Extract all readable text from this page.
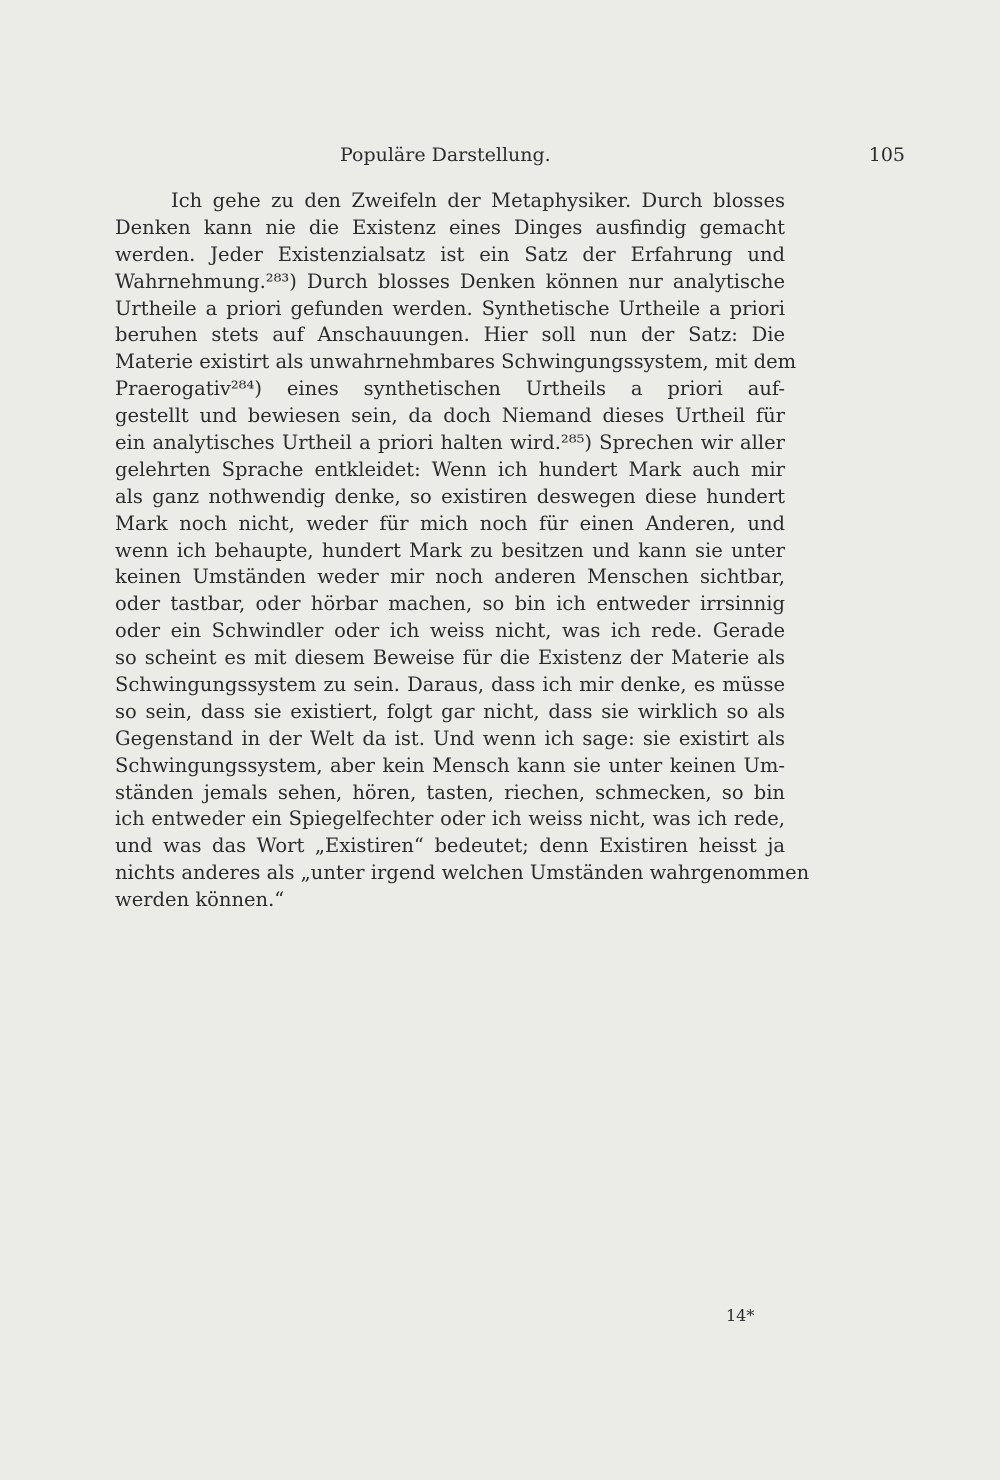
Populäre Darstellung.	105
Ich gehe zu den Zweifeln der Metaphysiker. Durch blosses
Denken kann nie die Existenz eines Dinges ausfindig gemacht
werden. Jeder Existenzialsatz ist ein Satz der Erfahrung und
Wahrnehmung.²⁸³) Durch blosses Denken können nur analytische
Urtheile a priori gefunden werden. Synthetische Urtheile a priori
beruhen stets auf Anschauungen. Hier soll nun der Satz: Die
Materie existirt als unwahrnehmbares Schwingungssystem, mit dem
Praerogativ²⁸⁴) eines synthetischen Urtheils a priori auf-
gestellt und bewiesen sein, da doch Niemand dieses Urtheil für
ein analytisches Urtheil a priori halten wird.²⁸⁵) Sprechen wir aller
gelehrten Sprache entkleidet: Wenn ich hundert Mark auch mir
als ganz nothwendig denke, so existiren deswegen diese hundert
Mark noch nicht, weder für mich noch für einen Anderen, und
wenn ich behaupte, hundert Mark zu besitzen und kann sie unter
keinen Umständen weder mir noch anderen Menschen sichtbar,
oder tastbar, oder hörbar machen, so bin ich entweder irrsinnig
oder ein Schwindler oder ich weiss nicht, was ich rede. Gerade
so scheint es mit diesem Beweise für die Existenz der Materie als
Schwingungssystem zu sein. Daraus, dass ich mir denke, es müsse
so sein, dass sie existiert, folgt gar nicht, dass sie wirklich so als
Gegenstand in der Welt da ist. Und wenn ich sage: sie existirt als
Schwingungssystem, aber kein Mensch kann sie unter keinen Um-
ständen jemals sehen, hören, tasten, riechen, schmecken, so bin
ich entweder ein Spiegelfechter oder ich weiss nicht, was ich rede,
und was das Wort „Existiren“ bedeutet; denn Existiren heisst ja
nichts anderes als „unter irgend welchen Umständen wahrgenommen
werden können.“
14*
